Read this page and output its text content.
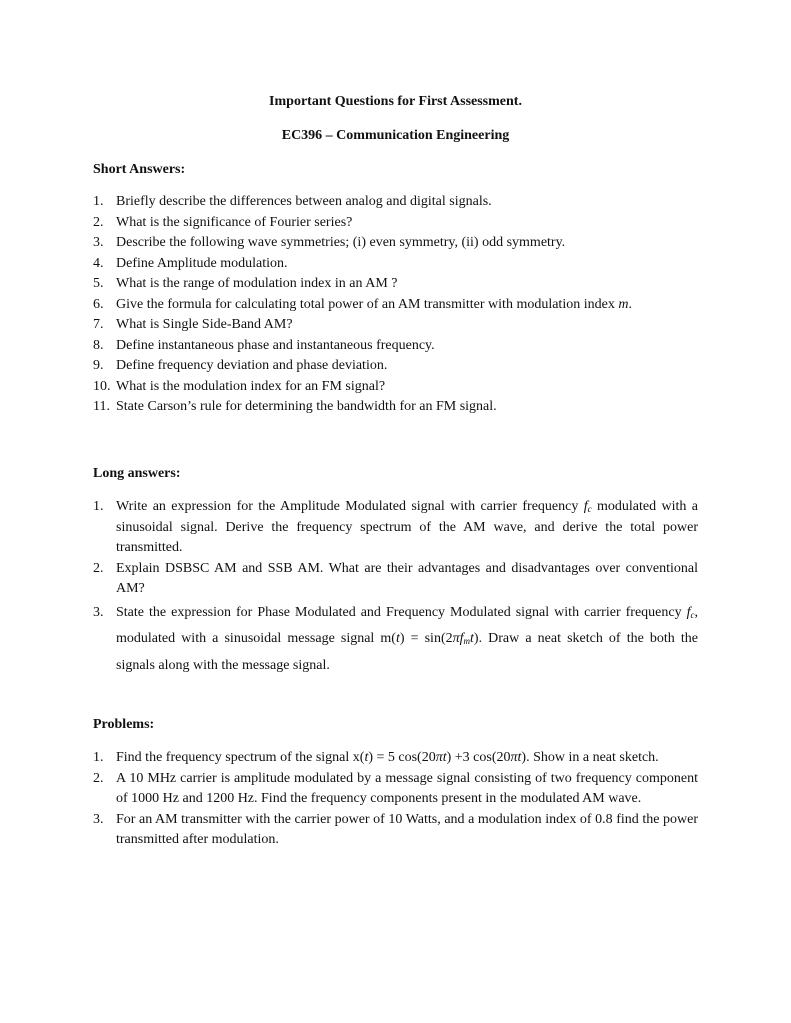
Important Questions for First Assessment.
EC396 – Communication Engineering
Short Answers:
1. Briefly describe the differences between analog and digital signals.
2. What is the significance of Fourier series?
3. Describe the following wave symmetries; (i) even symmetry, (ii) odd symmetry.
4. Define Amplitude modulation.
5. What is the range of modulation index in an AM ?
6. Give the formula for calculating total power of an AM transmitter with modulation index m.
7. What is Single Side-Band AM?
8. Define instantaneous phase and instantaneous frequency.
9. Define frequency deviation and phase deviation.
10. What is the modulation index for an FM signal?
11. State Carson’s rule for determining the bandwidth for an FM signal.
Long answers:
1. Write an expression for the Amplitude Modulated signal with carrier frequency $f_c$ modulated with a sinusoidal signal. Derive the frequency spectrum of the AM wave, and derive the total power transmitted.
2. Explain DSBSC AM and SSB AM. What are their advantages and disadvantages over conventional AM?
3. State the expression for Phase Modulated and Frequency Modulated signal with carrier frequency $f_c$, modulated with a sinusoidal message signal $m(t) = \sin(2\pi f_mt)$. Draw a neat sketch of the both the signals along with the message signal.
Problems:
1. Find the frequency spectrum of the signal x(t) = 5 cos(20πt) +3 cos(20πt). Show in a neat sketch.
2. A 10 MHz carrier is amplitude modulated by a message signal consisting of two frequency component of 1000 Hz and 1200 Hz. Find the frequency components present in the modulated AM wave.
3. For an AM transmitter with the carrier power of 10 Watts, and a modulation index of 0.8 find the power transmitted after modulation.
